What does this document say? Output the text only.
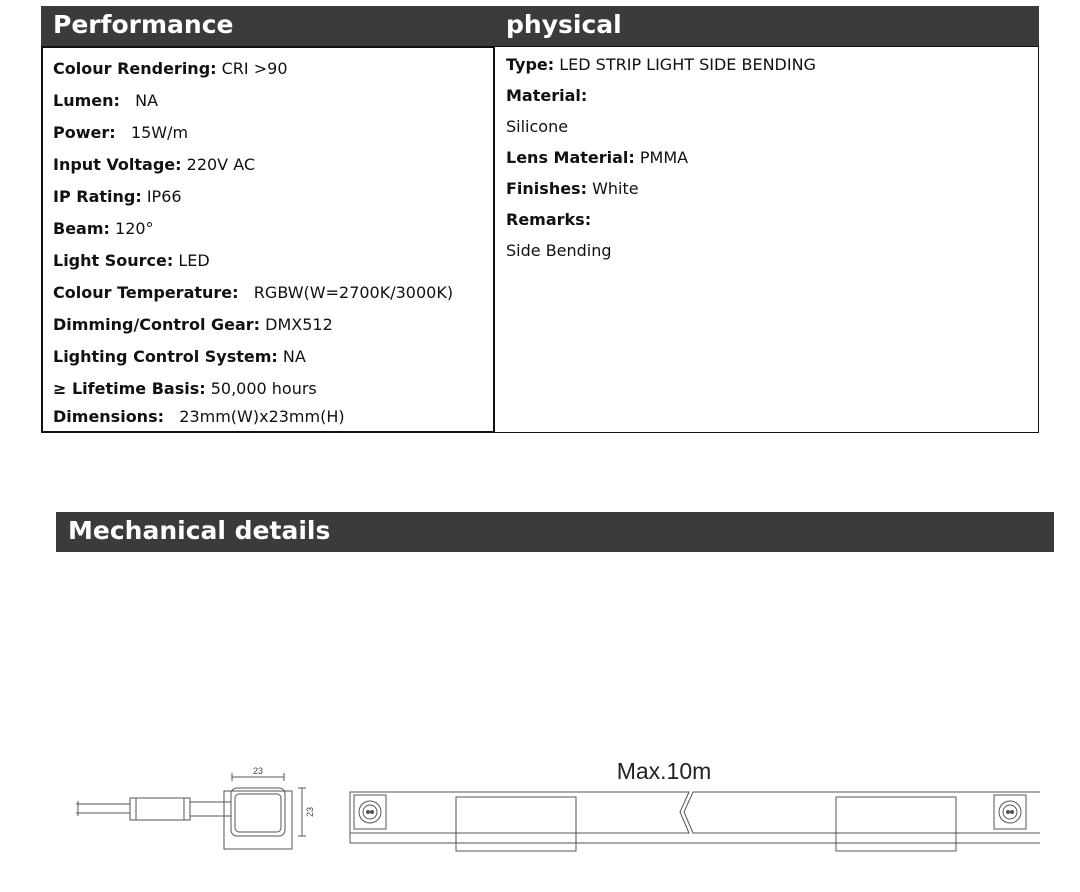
Performance	physical
Colour Rendering: CRI >90
Lumen:   NA
Power:   15W/m
Input Voltage: 220V AC
IP Rating: IP66
Beam: 120°
Light Source: LED
Colour Temperature:   RGBW(W=2700K/3000K)
Dimming/Control Gear: DMX512
Lighting Control System: NA
≥ Lifetime Basis: 50,000 hours
Dimensions:   23mm(W)x23mm(H)
Type: LED STRIP LIGHT SIDE BENDING
Material:
Silicone
Lens Material: PMMA
Finishes: White
Remarks:
Side Bending
Mechanical details
23
23
Max.10m
